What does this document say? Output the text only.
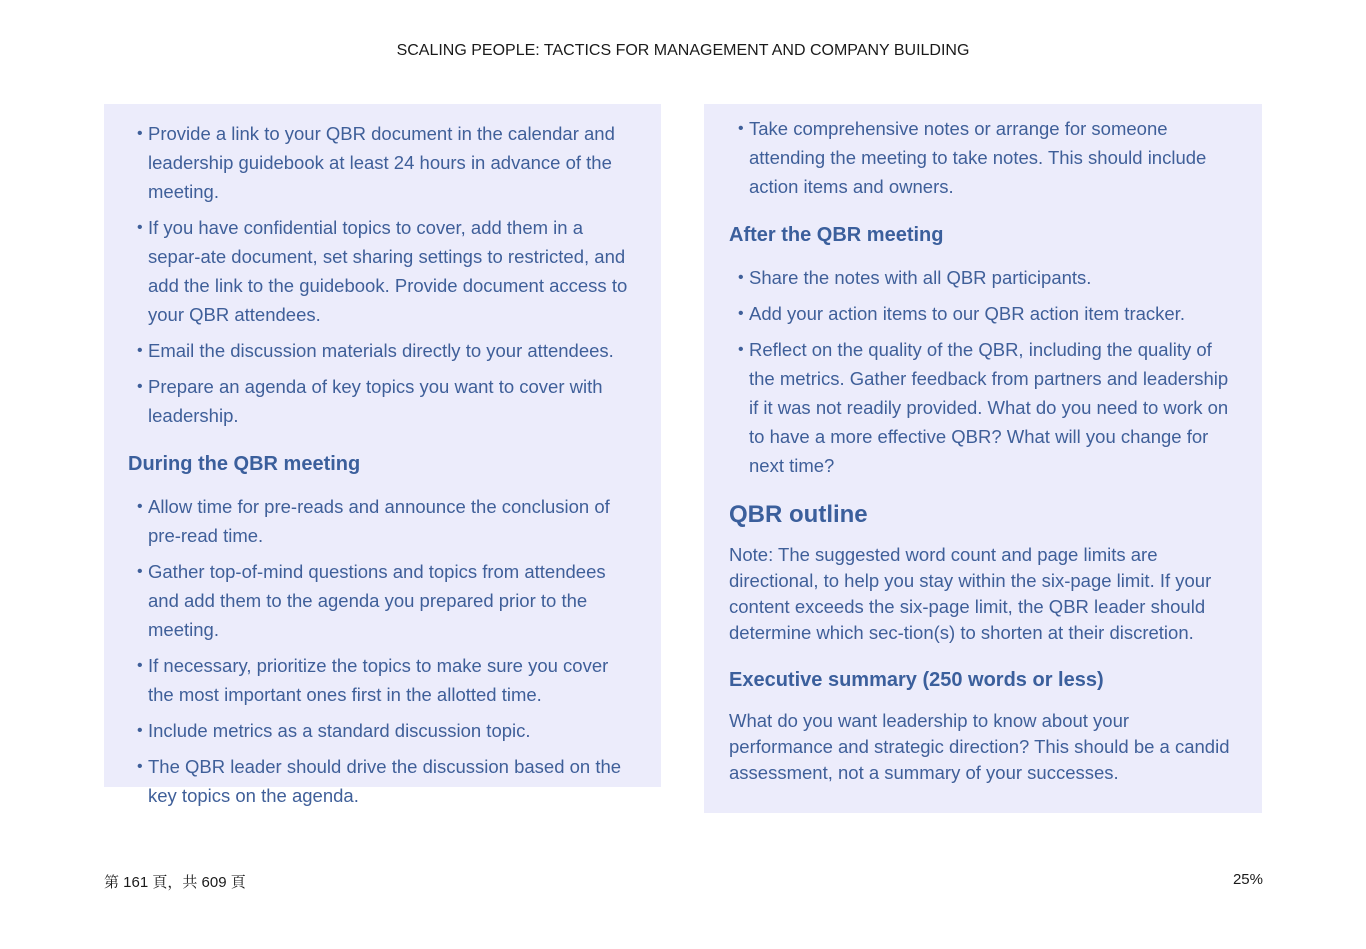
SCALING PEOPLE: TACTICS FOR MANAGEMENT AND COMPANY BUILDING
• Provide a link to your QBR document in the calendar and leadership guidebook at least 24 hours in advance of the meeting.
• If you have confidential topics to cover, add them in a separ-ate document, set sharing settings to restricted, and add the link to the guidebook. Provide document access to your QBR attendees.
• Email the discussion materials directly to your attendees.
• Prepare an agenda of key topics you want to cover with leadership.
During the QBR meeting
• Allow time for pre-reads and announce the conclusion of pre-read time.
• Gather top-of-mind questions and topics from attendees and add them to the agenda you prepared prior to the meeting.
• If necessary, prioritize the topics to make sure you cover the most important ones first in the allotted time.
• Include metrics as a standard discussion topic.
• The QBR leader should drive the discussion based on the key topics on the agenda.
• Take comprehensive notes or arrange for someone attending the meeting to take notes. This should include action items and owners.
After the QBR meeting
• Share the notes with all QBR participants.
• Add your action items to our QBR action item tracker.
• Reflect on the quality of the QBR, including the quality of the metrics. Gather feedback from partners and leadership if it was not readily provided. What do you need to work on to have a more effective QBR? What will you change for next time?
QBR outline

Note: The suggested word count and page limits are directional, to help you stay within the six-page limit. If your content exceeds the six-page limit, the QBR leader should determine which sec-tion(s) to shorten at their discretion.

Executive summary (250 words or less)

What do you want leadership to know about your performance and strategic direction? This should be a candid assessment, not a summary of your successes.

第 161 頁，共 609 頁	25%
